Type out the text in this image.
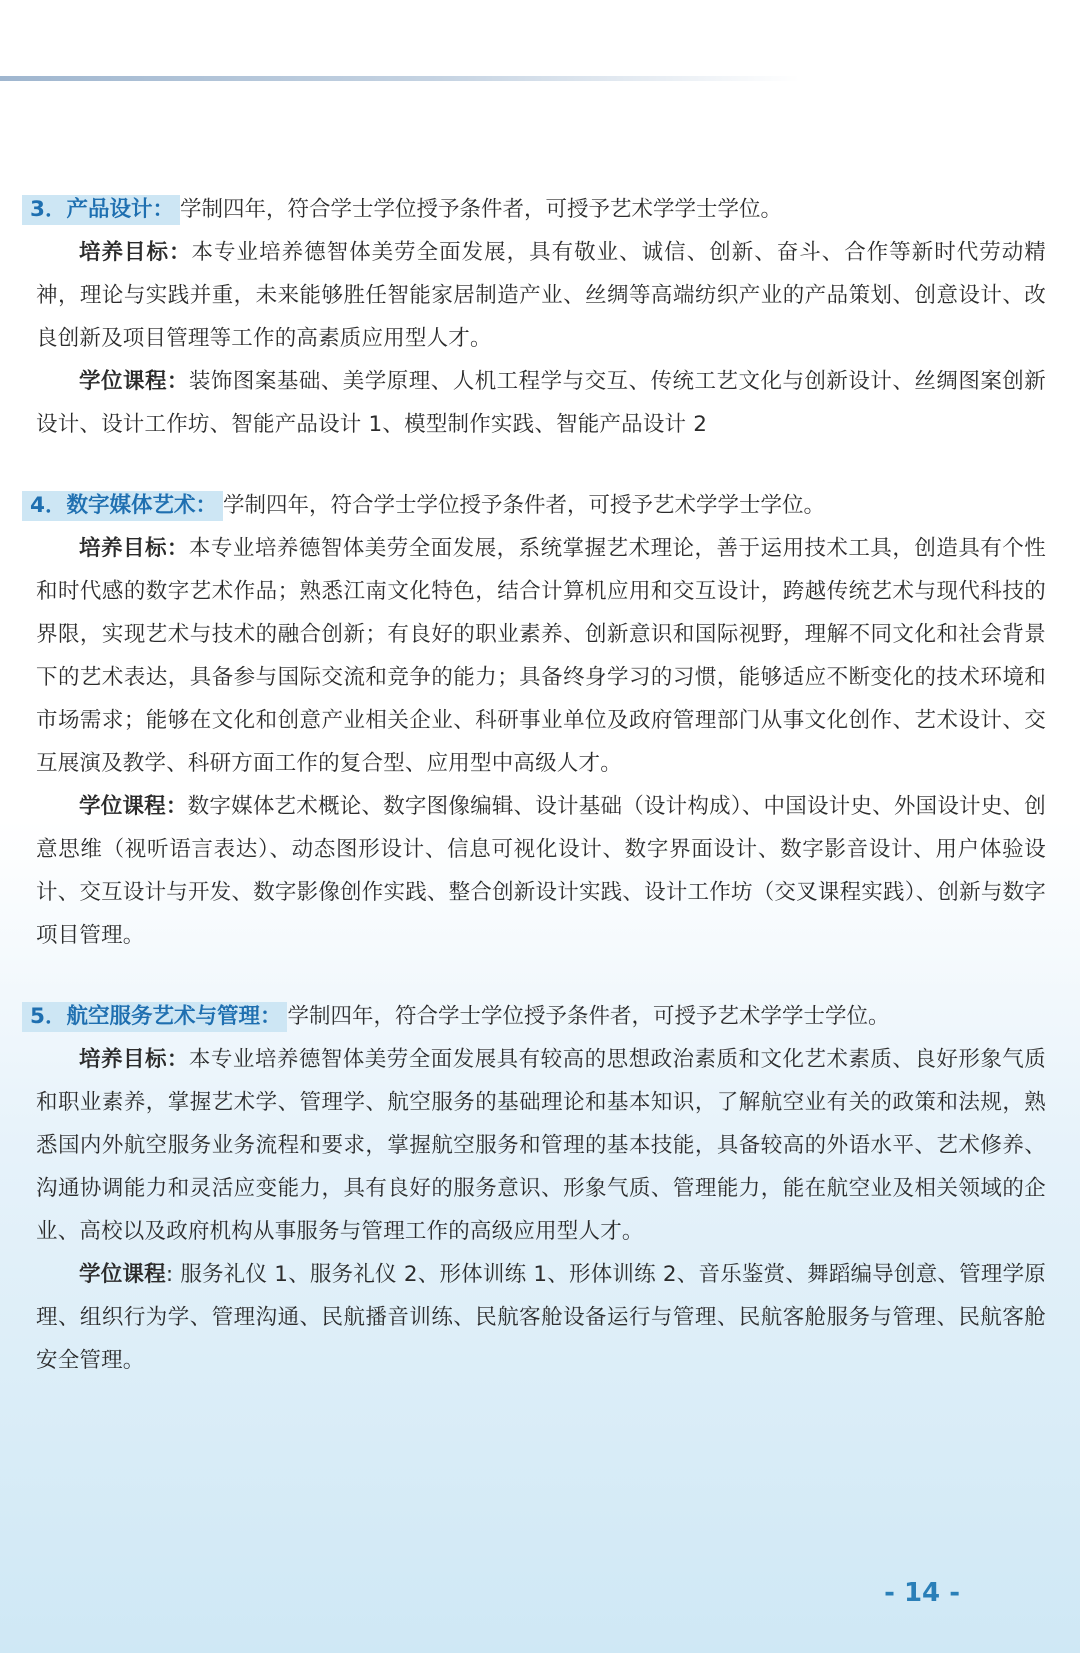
3．产品设计： 学制四年，符合学士学位授予条件者，可授予艺术学学士学位。

培养目标：本专业培养德智体美劳全面发展，具有敬业、诚信、创新、奋斗、合作等新时代劳动精神，理论与实践并重，未来能够胜任智能家居制造产业、丝绸等高端纺织产业的产品策划、创意设计、改良创新及项目管理等工作的高素质应用型人才。

学位课程：装饰图案基础、美学原理、人机工程学与交互、传统工艺文化与创新设计、丝绸图案创新设计、设计工作坊、智能产品设计 1、模型制作实践、智能产品设计 2

4．数字媒体艺术： 学制四年，符合学士学位授予条件者，可授予艺术学学士学位。

培养目标：本专业培养德智体美劳全面发展，系统掌握艺术理论，善于运用技术工具，创造具有个性和时代感的数字艺术作品；熟悉江南文化特色，结合计算机应用和交互设计，跨越传统艺术与现代科技的界限，实现艺术与技术的融合创新；有良好的职业素养、创新意识和国际视野，理解不同文化和社会背景下的艺术表达，具备参与国际交流和竞争的能力；具备终身学习的习惯，能够适应不断变化的技术环境和市场需求；能够在文化和创意产业相关企业、科研事业单位及政府管理部门从事文化创作、艺术设计、交互展演及教学、科研方面工作的复合型、应用型中高级人才。

学位课程：数字媒体艺术概论、数字图像编辑、设计基础（设计构成）、中国设计史、外国设计史、创意思维（视听语言表达）、动态图形设计、信息可视化设计、数字界面设计、数字影音设计、用户体验设计、交互设计与开发、数字影像创作实践、整合创新设计实践、设计工作坊（交叉课程实践）、创新与数字项目管理。

5．航空服务艺术与管理： 学制四年，符合学士学位授予条件者，可授予艺术学学士学位。

培养目标：本专业培养德智体美劳全面发展具有较高的思想政治素质和文化艺术素质、良好形象气质和职业素养，掌握艺术学、管理学、航空服务的基础理论和基本知识，了解航空业有关的政策和法规，熟悉国内外航空服务业务流程和要求，掌握航空服务和管理的基本技能，具备较高的外语水平、艺术修养、沟通协调能力和灵活应变能力，具有良好的服务意识、形象气质、管理能力，能在航空业及相关领域的企业、高校以及政府机构从事服务与管理工作的高级应用型人才。

学位课程: 服务礼仪 1、服务礼仪 2、形体训练 1、形体训练 2、音乐鉴赏、舞蹈编导创意、管理学原理、组织行为学、管理沟通、民航播音训练、民航客舱设备运行与管理、民航客舱服务与管理、民航客舱安全管理。

- 14 -
